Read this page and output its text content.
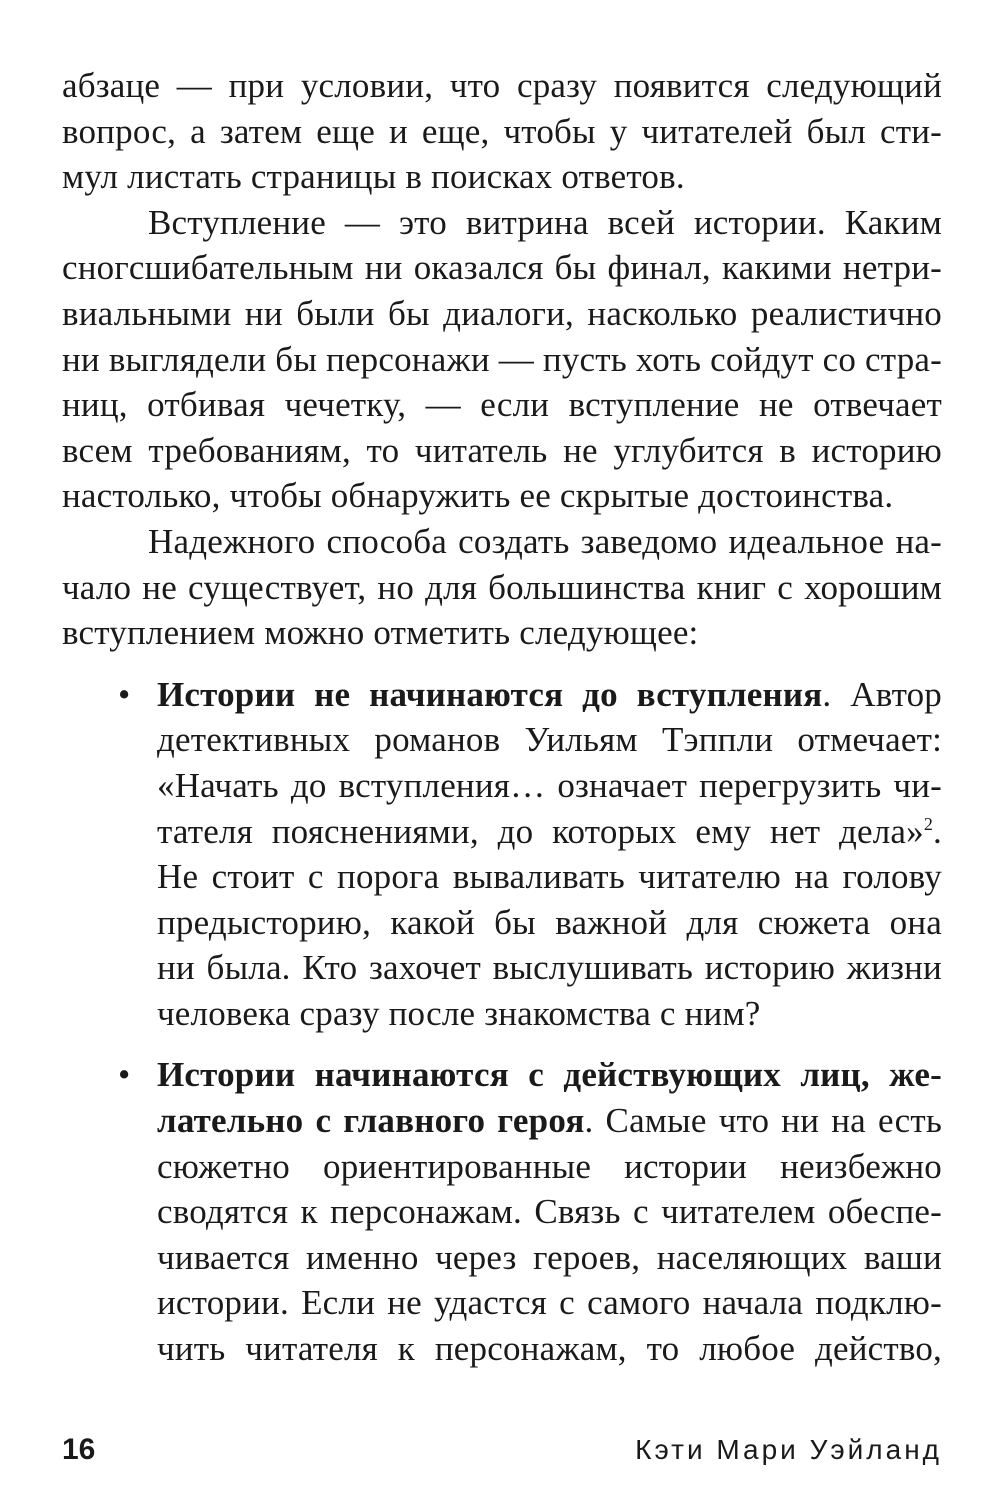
абзаце — при условии, что сразу появится следующий
вопрос, а затем еще и еще, чтобы у читателей был сти-
мул листать страницы в поисках ответов.
Вступление — это витрина всей истории. Каким
сногсшибательным ни оказался бы финал, какими нетри-
виальными ни были бы диалоги, насколько реалистично
ни выглядели бы персонажи — пусть хоть сойдут со стра-
ниц, отбивая чечетку, — если вступление не отвечает
всем требованиям, то читатель не углубится в историю
настолько, чтобы обнаружить ее скрытые достоинства.
Надежного способа создать заведомо идеальное на-
чало не существует, но для большинства книг с хорошим
вступлением можно отметить следующее:
• Истории не начинаются до вступления. Автор
детективных романов Уильям Тэппли отмечает:
«Начать до вступления… означает перегрузить чи-
тателя пояснениями, до которых ему нет дела»$^2$.
Не стоит с порога вываливать читателю на голову
предысторию, какой бы важной для сюжета она
ни была. Кто захочет выслушивать историю жизни
человека сразу после знакомства с ним?
• Истории начинаются с действующих лиц, же-
лательно с главного героя. Самые что ни на есть
сюжетно ориентированные истории неизбежно
сводятся к персонажам. Связь с читателем обеспе-
чивается именно через героев, населяющих ваши
истории. Если не удастся с самого начала подклю-
чить читателя к персонажам, то любое действо,
16	Кэти Мари Уэйланд
